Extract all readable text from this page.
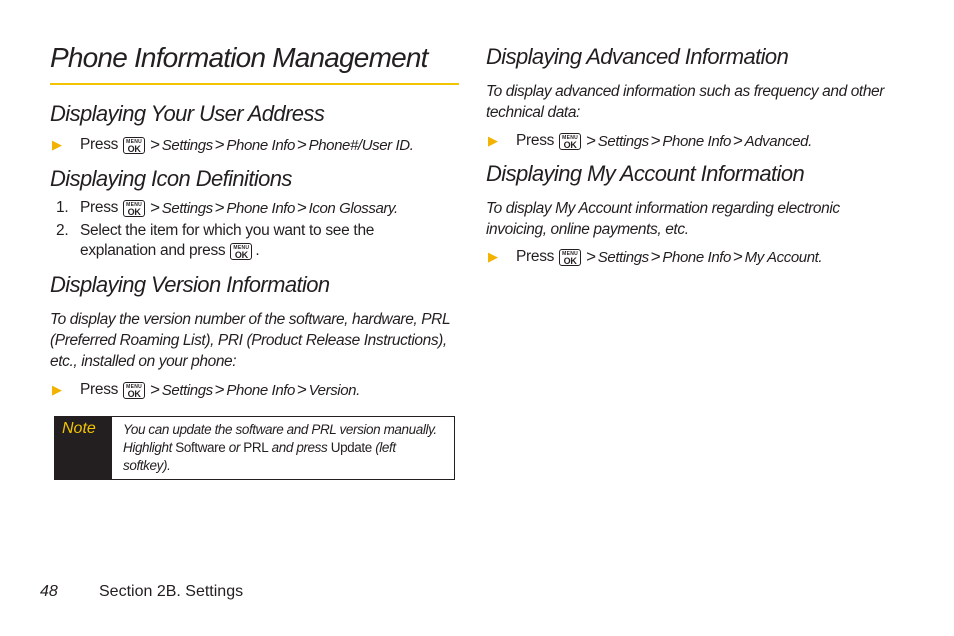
Phone Information Management
Displaying Your User Address
▶	Press	MENU
OK > Settings > Phone Info > Phone#/User ID.
Displaying Icon Definitions
1. Press	MENU
OK > Settings > Phone Info > Icon Glossary.
2. Select the item for which you want to see the
explanation and press	MENU
OK .
Displaying Version Information
To display the version number of the software, hardware, PRL (Preferred Roaming List), PRI (Product Release Instructions), etc., installed on your phone:
▶	Press	MENU
OK > Settings > Phone Info > Version.
Note	You can update the software and PRL version manually. Highlight Software or PRL and press Update (left softkey).
Displaying Advanced Information
To display advanced information such as frequency and other technical data:
▶	Press	MENU
OK > Settings > Phone Info > Advanced.
Displaying My Account Information
To display My Account information regarding electronic invoicing, online payments, etc.
▶	Press	MENU
OK > Settings > Phone Info > My Account.
48	Section 2B. Settings
